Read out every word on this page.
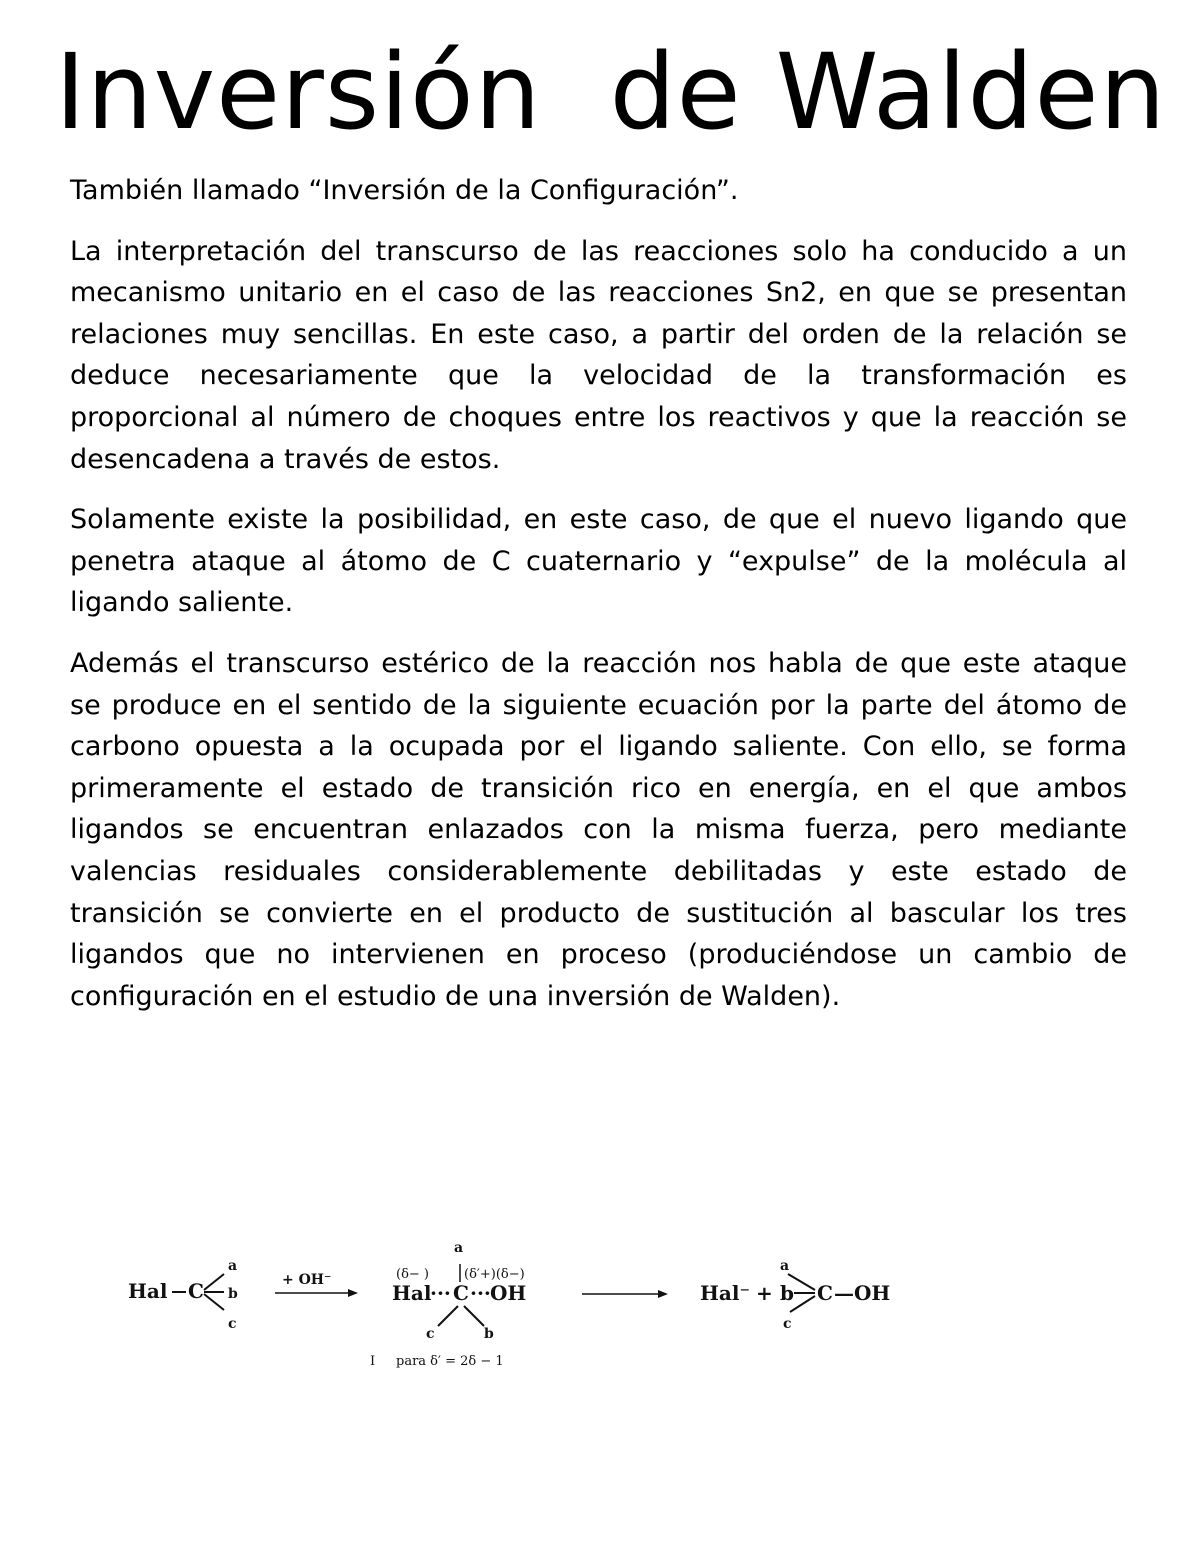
Inversión  de Walden

También llamado “Inversión de la Configuración”.

La interpretación del transcurso de las reacciones solo ha conducido a un mecanismo unitario en el caso de las reacciones Sn2, en que se presentan relaciones muy sencillas. En este caso, a partir del orden de la relación se deduce necesariamente que la velocidad de la transformación es proporcional al número de choques entre los reactivos y que la reacción se desencadena a través de estos.

Solamente existe la posibilidad, en este caso, de que el nuevo ligando que penetra ataque al átomo de C cuaternario y “expulse” de la molécula al ligando saliente.

Además el transcurso estérico de la reacción nos habla de que este ataque se produce en el sentido de la siguiente ecuación por la parte del átomo de carbono opuesta a la ocupada por el ligando saliente. Con ello, se forma primeramente el estado de transición rico en energía, en el que ambos ligandos se encuentran enlazados con la misma fuerza, pero mediante valencias residuales considerablemente debilitadas y este estado de transición se convierte en el producto de sustitución al bascular los tres ligandos que no intervienen en proceso (produciéndose un cambio de configuración en el estudio de una inversión de Walden).

Hal C
a
b
c
+ OH⁻
a
(δ− )	(δ′+)(δ−)
Hal
··· C ··· OH
c	b
I para δ′ = 2δ − 1
Hal⁻ + b
a
c
C — OH
